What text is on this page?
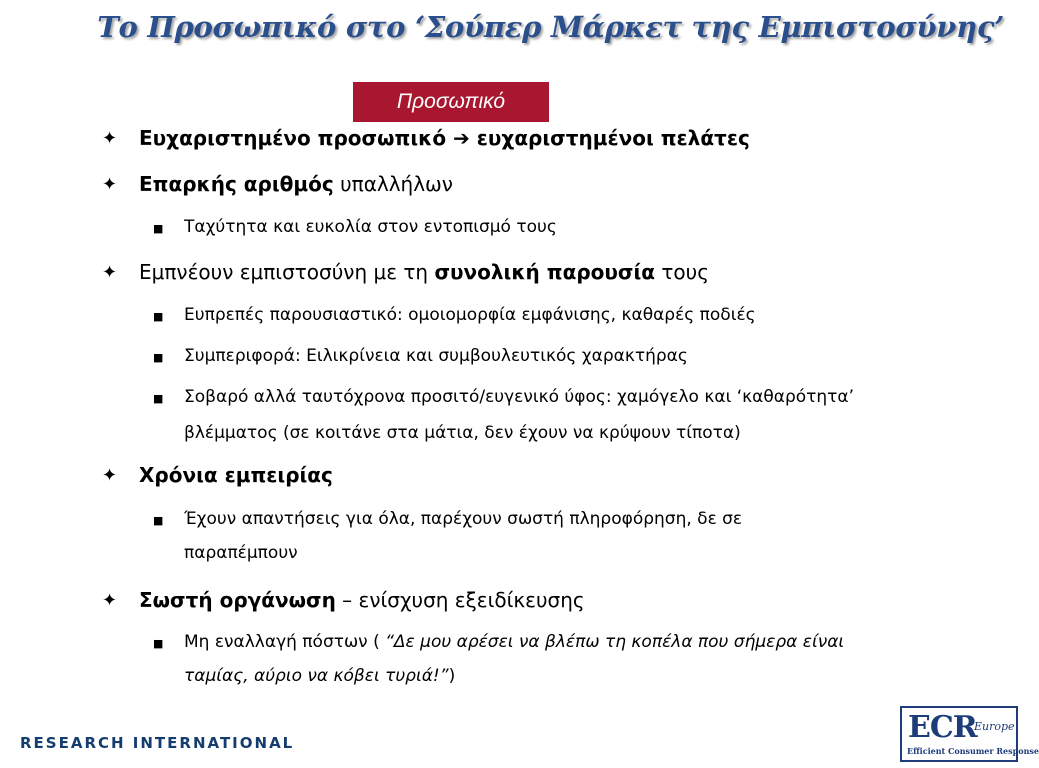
Το Προσωπικό στο ‘Σούπερ Μάρκετ της Εμπιστοσύνης’
Προσωπικό
✦ Ευχαριστημένο προσωπικό ➔ ευχαριστημένοι πελάτες
✦ Επαρκής αριθμός υπαλλήλων
■ Ταχύτητα και ευκολία στον εντοπισμό τους
✦ Εμπνέουν εμπιστοσύνη με τη συνολική παρουσία τους
■ Ευπρεπές παρουσιαστικό: ομοιομορφία εμφάνισης, καθαρές ποδιές
■ Συμπεριφορά: Ειλικρίνεια και συμβουλευτικός χαρακτήρας
■ Σοβαρό αλλά ταυτόχρονα προσιτό/ευγενικό ύφος: χαμόγελο και ‘καθαρότητα’
βλέμματος (σε κοιτάνε στα μάτια, δεν έχουν να κρύψουν τίποτα)
✦ Χρόνια εμπειρίας
■ Έχουν απαντήσεις για όλα, παρέχουν σωστή πληροφόρηση, δε σε
παραπέμπουν
✦ Σωστή οργάνωση – ενίσχυση εξειδίκευσης
■ Μη εναλλαγή πόστων ( “Δε μου αρέσει να βλέπω τη κοπέλα που σήμερα είναι
ταμίας, αύριο να κόβει τυριά!”)
RESEARCH INTERNATIONAL	ECR
Europe
Efficient Consumer Response
